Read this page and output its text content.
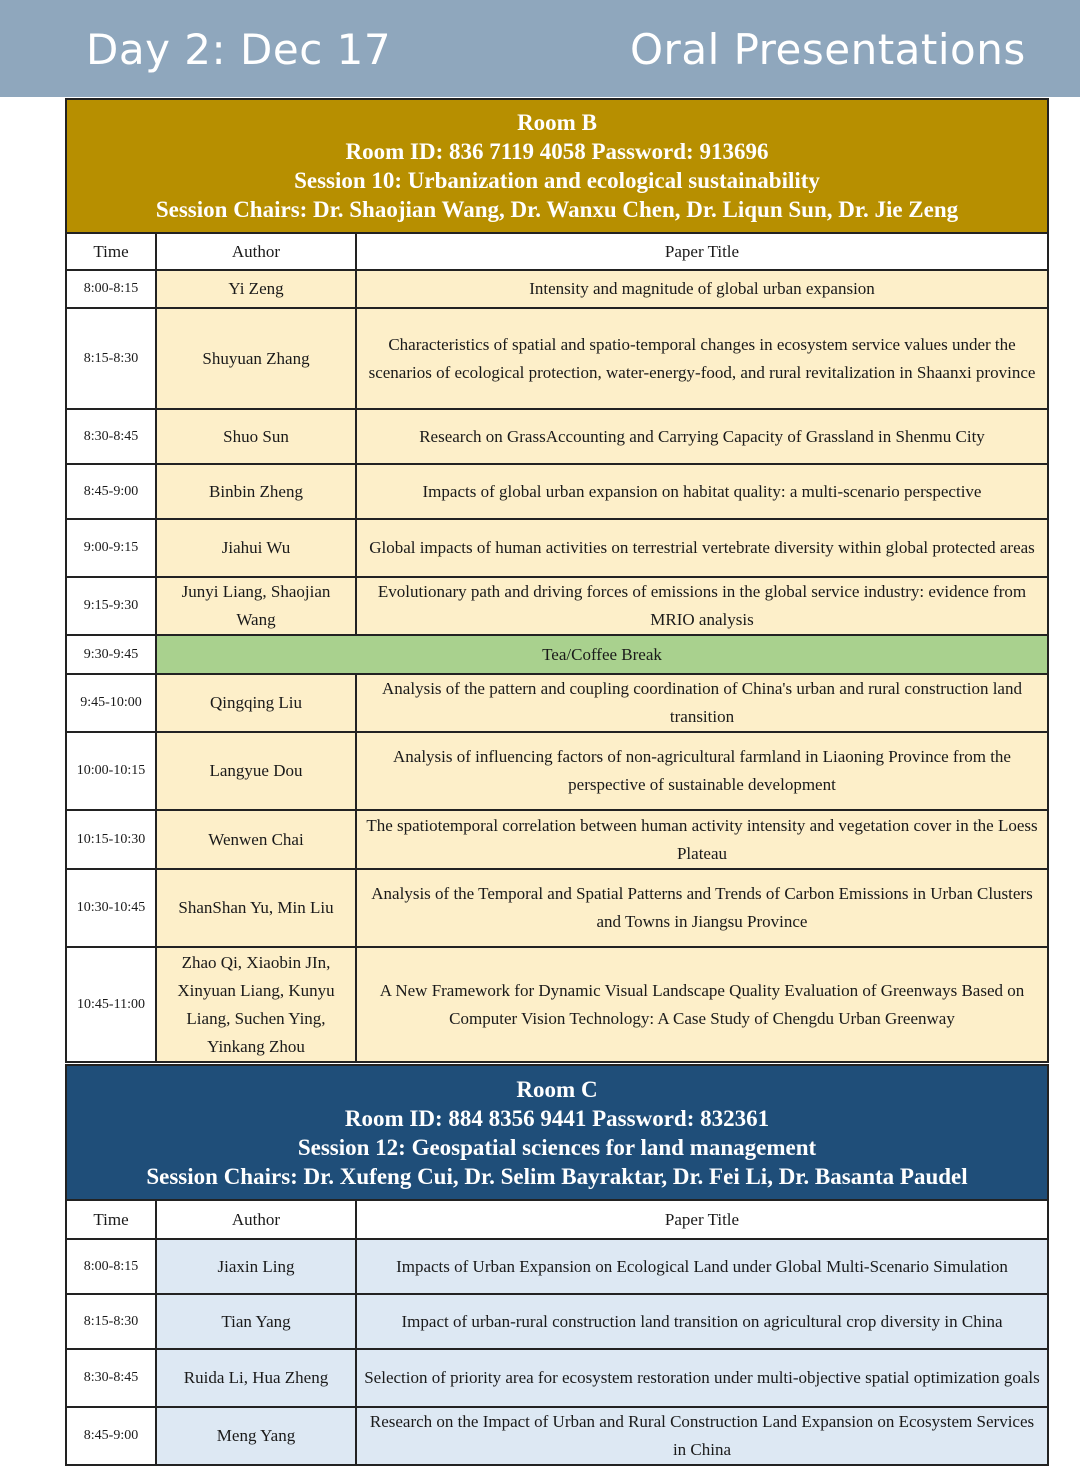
Day 2: Dec 17	Oral Presentations
Room B
Room ID: 836 7119 4058 Password: 913696
Session 10: Urbanization and ecological sustainability
Session Chairs: Dr. Shaojian Wang, Dr. Wanxu Chen, Dr. Liqun Sun, Dr. Jie Zeng		

Time	Author	Paper Title
8:00-8:15	Yi Zeng	Intensity and magnitude of global urban expansion
8:15-8:30	Shuyuan Zhang	Characteristics of spatial and spatio-temporal changes in ecosystem service values under the scenarios of ecological protection, water-energy-food, and rural revitalization in Shaanxi province
8:30-8:45	Shuo Sun	Research on GrassAccounting and Carrying Capacity of Grassland in Shenmu City
8:45-9:00	Binbin Zheng	Impacts of global urban expansion on habitat quality: a multi-scenario perspective
9:00-9:15	Jiahui Wu	Global impacts of human activities on terrestrial vertebrate diversity within global protected areas
9:15-9:30	Junyi Liang, Shaojian Wang	Evolutionary path and driving forces of emissions in the global service industry: evidence from MRIO analysis
9:30-9:45	Tea/Coffee Break	
9:45-10:00	Qingqing Liu	Analysis of the pattern and coupling coordination of China's urban and rural construction land transition
10:00-10:15	Langyue Dou	Analysis of influencing factors of non-agricultural farmland in Liaoning Province from the perspective of sustainable development
10:15-10:30	Wenwen Chai	The spatiotemporal correlation between human activity intensity and vegetation cover in the Loess Plateau
10:30-10:45	ShanShan Yu, Min Liu	Analysis of the Temporal and Spatial Patterns and Trends of Carbon Emissions in Urban Clusters and Towns in Jiangsu Province
10:45-11:00	Zhao Qi, Xiaobin JIn, Xinyuan Liang, Kunyu Liang, Suchen Ying, Yinkang Zhou	A New Framework for Dynamic Visual Landscape Quality Evaluation of Greenways Based on Computer Vision Technology: A Case Study of Chengdu Urban Greenway
Room C
Room ID: 884 8356 9441 Password: 832361
Session 12: Geospatial sciences for land management
Session Chairs: Dr. Xufeng Cui, Dr. Selim Bayraktar, Dr. Fei Li, Dr. Basanta Paudel		

Time	Author	Paper Title
8:00-8:15	Jiaxin Ling	Impacts of Urban Expansion on Ecological Land under Global Multi-Scenario Simulation
8:15-8:30	Tian Yang	Impact of urban-rural construction land transition on agricultural crop diversity in China
8:30-8:45	Ruida Li, Hua Zheng	Selection of priority area for ecosystem restoration under multi-objective spatial optimization goals
8:45-9:00	Meng Yang	Research on the Impact of Urban and Rural Construction Land Expansion on Ecosystem Services in China
